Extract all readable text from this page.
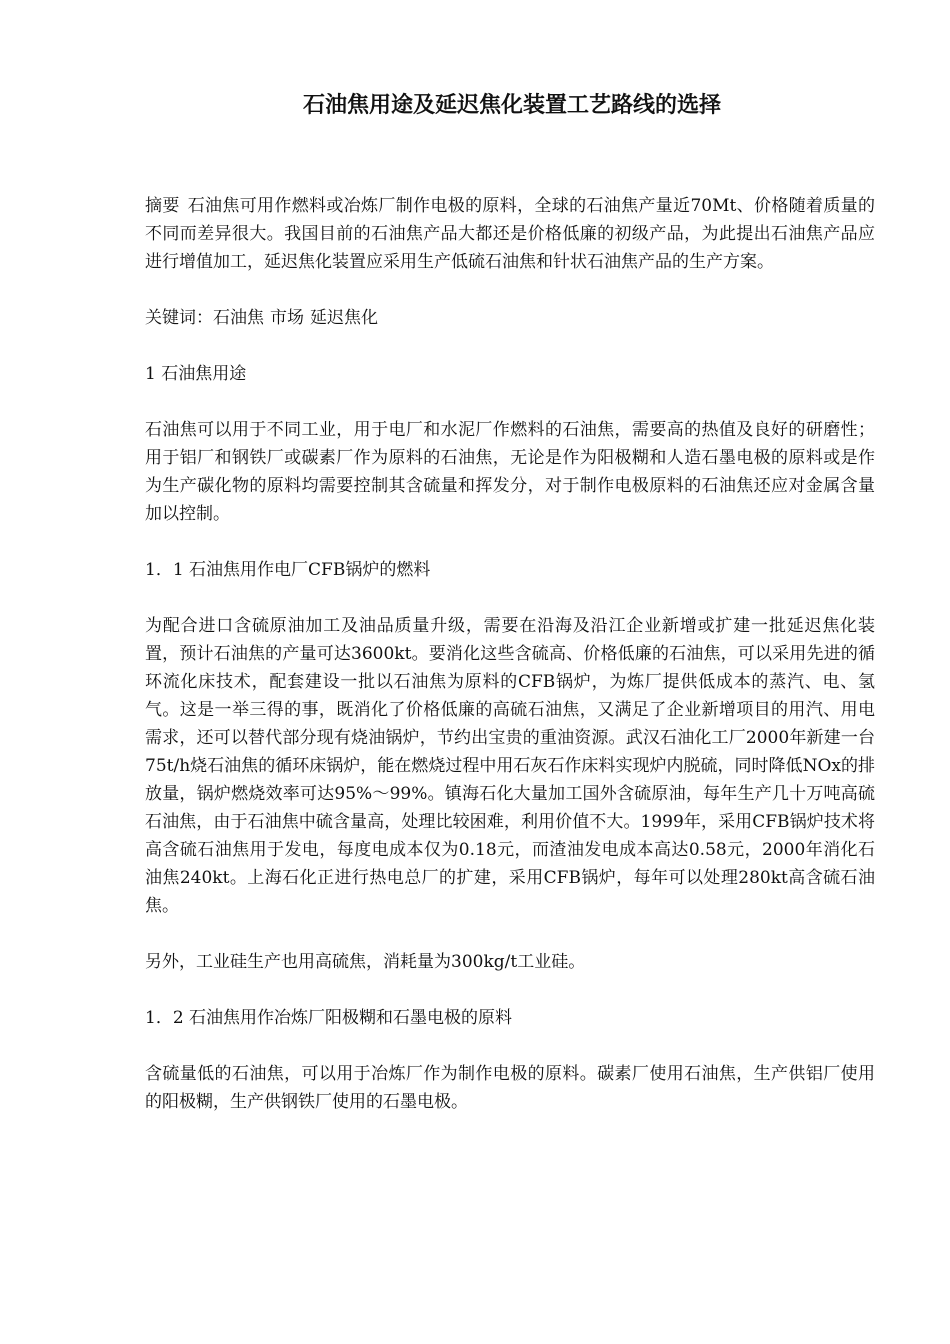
石油焦用途及延迟焦化装置工艺路线的选择

摘要 石油焦可用作燃料或冶炼厂制作电极的原料，全球的石油焦产量近70Mt、价格随着质量的不同而差异很大。我国目前的石油焦产品大都还是价格低廉的初级产品，为此提出石油焦产品应进行增值加工，延迟焦化装置应采用生产低硫石油焦和针状石油焦产品的生产方案。

关键词：石油焦 市场 延迟焦化

1 石油焦用途

石油焦可以用于不同工业，用于电厂和水泥厂作燃料的石油焦，需要高的热值及良好的研磨性；用于铝厂和钢铁厂或碳素厂作为原料的石油焦，无论是作为阳极糊和人造石墨电极的原料或是作为生产碳化物的原料均需要控制其含硫量和挥发分，对于制作电极原料的石油焦还应对金属含量加以控制。

1．1 石油焦用作电厂CFB锅炉的燃料

为配合进口含硫原油加工及油品质量升级，需要在沿海及沿江企业新增或扩建一批延迟焦化装置，预计石油焦的产量可达3600kt。要消化这些含硫高、价格低廉的石油焦，可以采用先进的循环流化床技术，配套建设一批以石油焦为原料的CFB锅炉，为炼厂提供低成本的蒸汽、电、氢气。这是一举三得的事，既消化了价格低廉的高硫石油焦，又满足了企业新增项目的用汽、用电需求，还可以替代部分现有烧油锅炉，节约出宝贵的重油资源。武汉石油化工厂2000年新建一台75t/h烧石油焦的循环床锅炉，能在燃烧过程中用石灰石作床料实现炉内脱硫，同时降低NOx的排放量，锅炉燃烧效率可达95%～99%。镇海石化大量加工国外含硫原油，每年生产几十万吨高硫石油焦，由于石油焦中硫含量高，处理比较困难，利用价值不大。1999年，采用CFB锅炉技术将高含硫石油焦用于发电，每度电成本仅为0.18元，而渣油发电成本高达0.58元，2000年消化石油焦240kt。上海石化正进行热电总厂的扩建，采用CFB锅炉，每年可以处理280kt高含硫石油焦。

另外，工业硅生产也用高硫焦，消耗量为300kg/t工业硅。

1．2 石油焦用作冶炼厂阳极糊和石墨电极的原料

含硫量低的石油焦，可以用于冶炼厂作为制作电极的原料。碳素厂使用石油焦，生产供铝厂使用的阳极糊，生产供钢铁厂使用的石墨电极。
